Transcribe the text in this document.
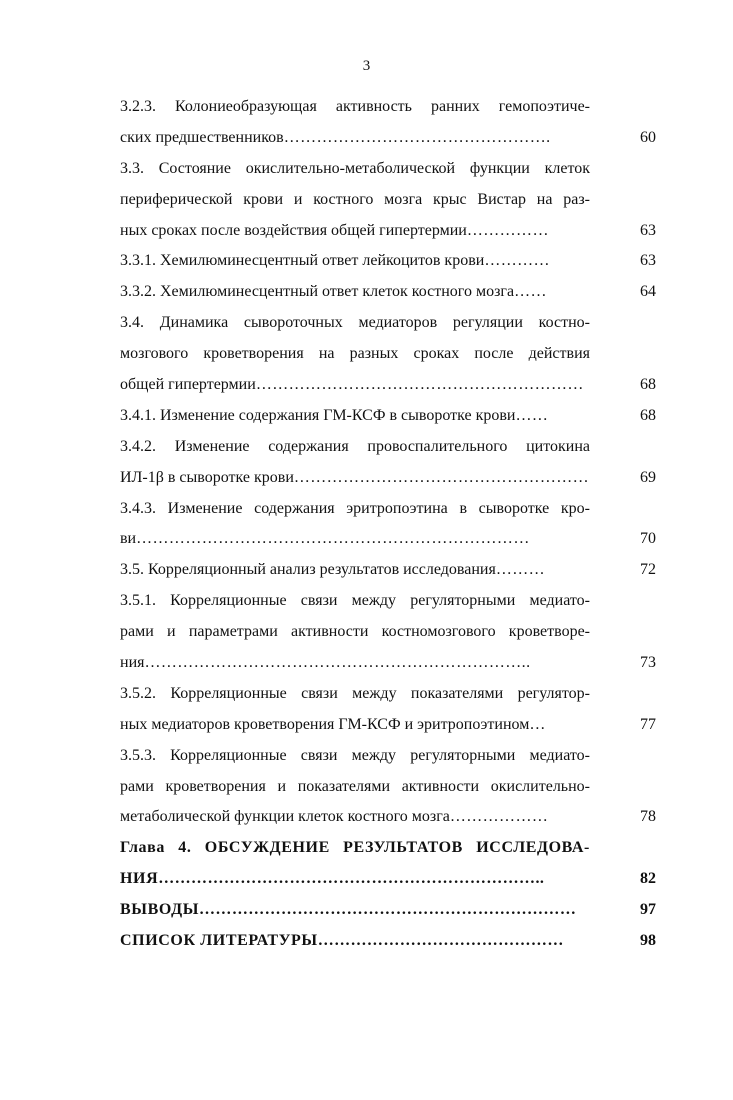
3
3.2.3. Колониеобразующая активность ранних гемопоэтиче-
ских предшественников………………………………………….	60
3.3. Состояние окислительно-метаболической функции клеток
периферической крови и костного мозга крыс Вистар на раз-
ных сроках после воздействия общей гипертермии……………	63
3.3.1. Хемилюминесцентный ответ лейкоцитов крови…………	63
3.3.2. Хемилюминесцентный ответ клеток костного мозга……	64
3.4. Динамика сывороточных медиаторов регуляции костно-
мозгового кроветворения на разных сроках после действия
общей гипертермии……………………………………………………	68
3.4.1. Изменение содержания ГМ-КСФ в сыворотке крови……	68
3.4.2. Изменение содержания провоспалительного цитокина
ИЛ-1β в сыворотке крови………………………………………………	69
3.4.3. Изменение содержания эритропоэтина в сыворотке кро-
ви………………………………………………………………	70
3.5. Корреляционный анализ результатов исследования………	72
3.5.1. Корреляционные связи между регуляторными медиато-
рами и параметрами активности костномозгового кроветворе-
ния……………………………………………………………..	73
3.5.2. Корреляционные связи между показателями регулятор-
ных медиаторов кроветворения ГМ-КСФ и эритропоэтином…	77
3.5.3. Корреляционные связи между регуляторными медиато-
рами кроветворения и показателями активности окислительно-
метаболической функции клеток костного мозга………………	78
Глава 4. ОБСУЖДЕНИЕ РЕЗУЛЬТАТОВ ИССЛЕДОВА-
НИЯ……………………………………………………………..	82
ВЫВОДЫ……………………………………………………………	97
СПИСОК ЛИТЕРАТУРЫ………………………………………	98
